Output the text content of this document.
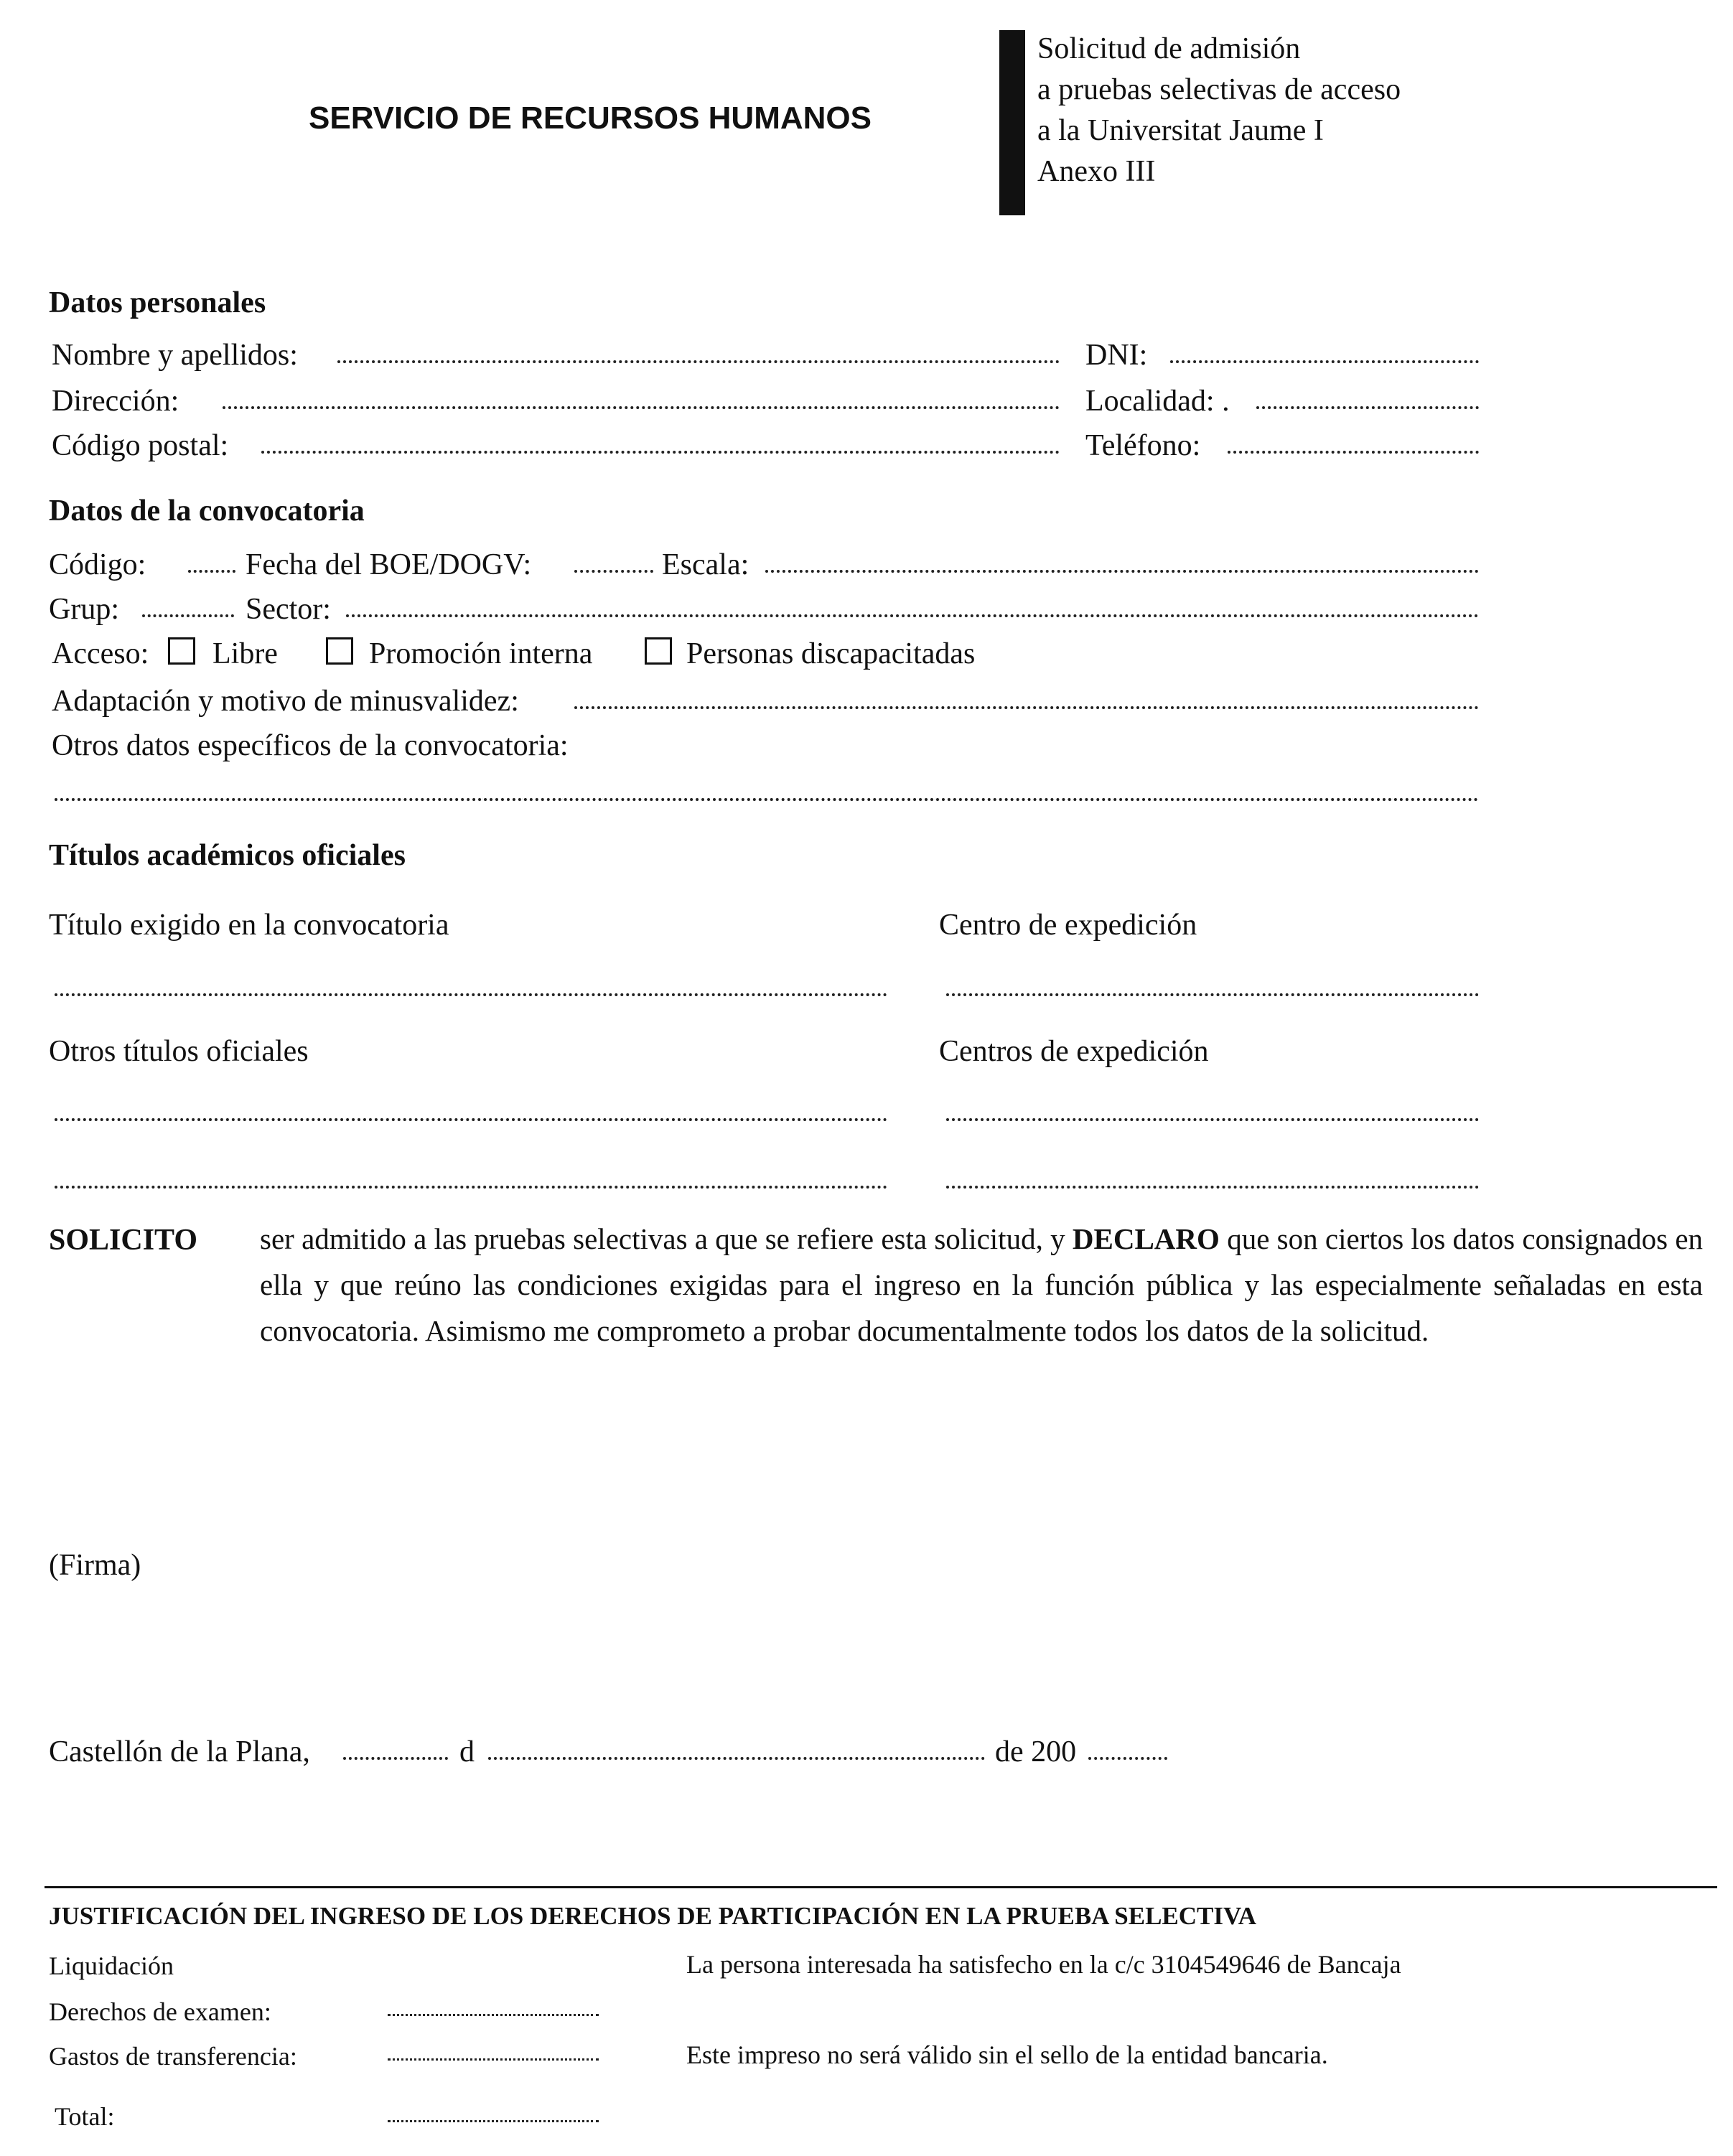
SERVICIO DE RECURSOS HUMANOS
Solicitud de admisión
a pruebas selectivas de acceso
a la Universitat Jaume I
Anexo III
Datos personales
Nombre y apellidos:	DNI:
Dirección:	Localidad: .
Código postal:	Teléfono:
Datos de la convocatoria
Código:	Fecha del BOE/DOGV:	Escala:
Grup:	Sector:
Acceso: Libre	Promoción interna	Personas discapacitadas
Adaptación y motivo de minusvalidez:
Otros datos específicos de la convocatoria:
Títulos académicos oficiales
Título exigido en la convocatoria	Centro de expedición
Otros títulos oficiales	Centros de expedición
SOLICITO ser admitido a las pruebas selectivas a que se refiere esta solicitud, y DECLARO que son ciertos los datos consignados en ella y que reúno las condiciones exigidas para el ingreso en la función pública y las especialmente señaladas en esta convocatoria. Asimismo me comprometo a probar documentalmente todos los datos de la solicitud.
(Firma)
Castellón de la Plana,	d	de 200
JUSTIFICACIÓN DEL INGRESO DE LOS DERECHOS DE PARTICIPACIÓN EN LA PRUEBA SELECTIVA
Liquidación	La persona interesada ha satisfecho en la c/c 3104549646 de Bancaja
Derechos de examen:
Gastos de transferencia:	Este impreso no será válido sin el sello de la entidad bancaria.
Total:
